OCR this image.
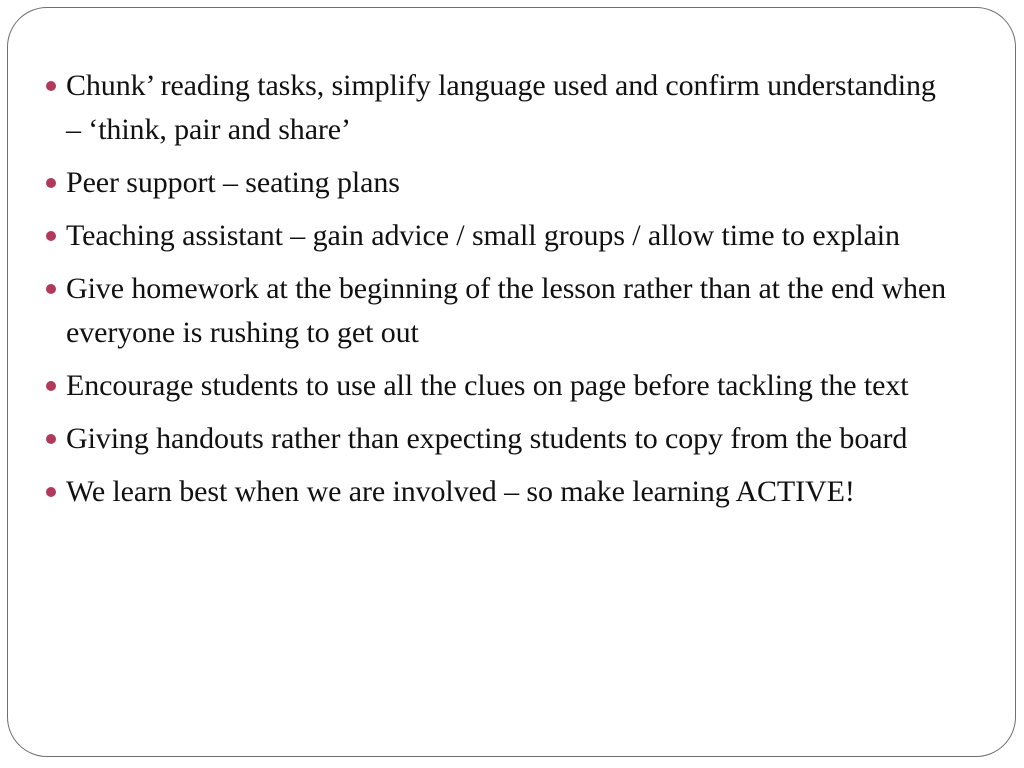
Chunk’ reading tasks, simplify language used and confirm understanding – ‘think, pair and share’
Peer support – seating plans
Teaching assistant – gain advice / small groups / allow time to explain
Give homework at the beginning of the lesson rather than at the end when everyone is rushing to get out
Encourage students to use all the clues on page before tackling the text
Giving handouts rather than expecting students to copy from the board
We learn best when we are involved – so make learning ACTIVE!
